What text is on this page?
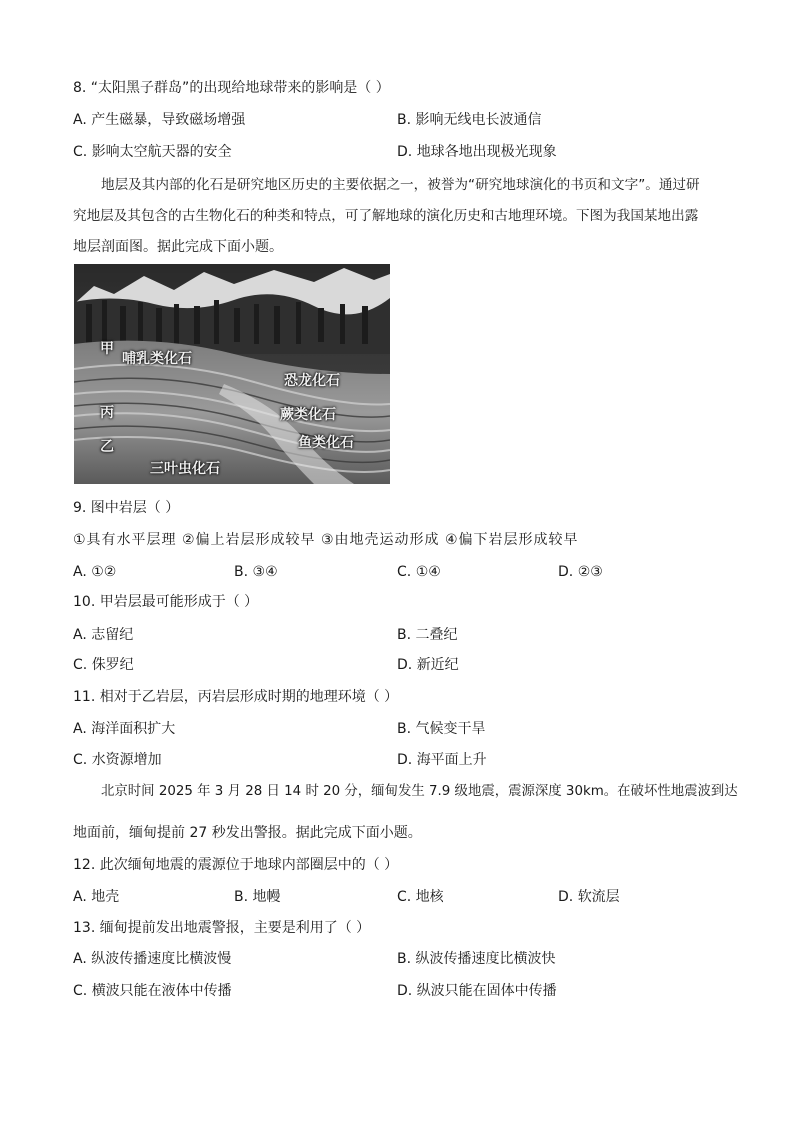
8. “太阳黑子群岛”的出现给地球带来的影响是（ ）
A. 产生磁暴，导致磁场增强	B. 影响无线电长波通信
C. 影响太空航天器的安全	D. 地球各地出现极光现象
地层及其内部的化石是研究地区历史的主要依据之一，被誉为“研究地球演化的书页和文字”。通过研
究地层及其包含的古生物化石的种类和特点，可了解地球的演化历史和古地理环境。下图为我国某地出露
地层剖面图。据此完成下面小题。
甲
哺乳类化石
恐龙化石
丙	蕨类化石
鱼类化石
乙
三叶虫化石
9. 图中岩层（ ）
①具有水平层理 ②偏上岩层形成较早 ③由地壳运动形成 ④偏下岩层形成较早
A. ①②	B. ③④	C. ①④	D. ②③
10. 甲岩层最可能形成于（ ）
A. 志留纪	B. 二叠纪
C. 侏罗纪	D. 新近纪
11. 相对于乙岩层，丙岩层形成时期的地理环境（ ）
A. 海洋面积扩大	B. 气候变干旱
C. 水资源增加	D. 海平面上升
北京时间 2025 年 3 月 28 日 14 时 20 分，缅甸发生 7.9 级地震，震源深度 30km。在破坏性地震波到达
地面前，缅甸提前 27 秒发出警报。据此完成下面小题。
12. 此次缅甸地震的震源位于地球内部圈层中的（ ）
A. 地壳	B. 地幔	C. 地核	D. 软流层
13. 缅甸提前发出地震警报，主要是利用了（ ）
A. 纵波传播速度比横波慢	B. 纵波传播速度比横波快
C. 横波只能在液体中传播	D. 纵波只能在固体中传播
